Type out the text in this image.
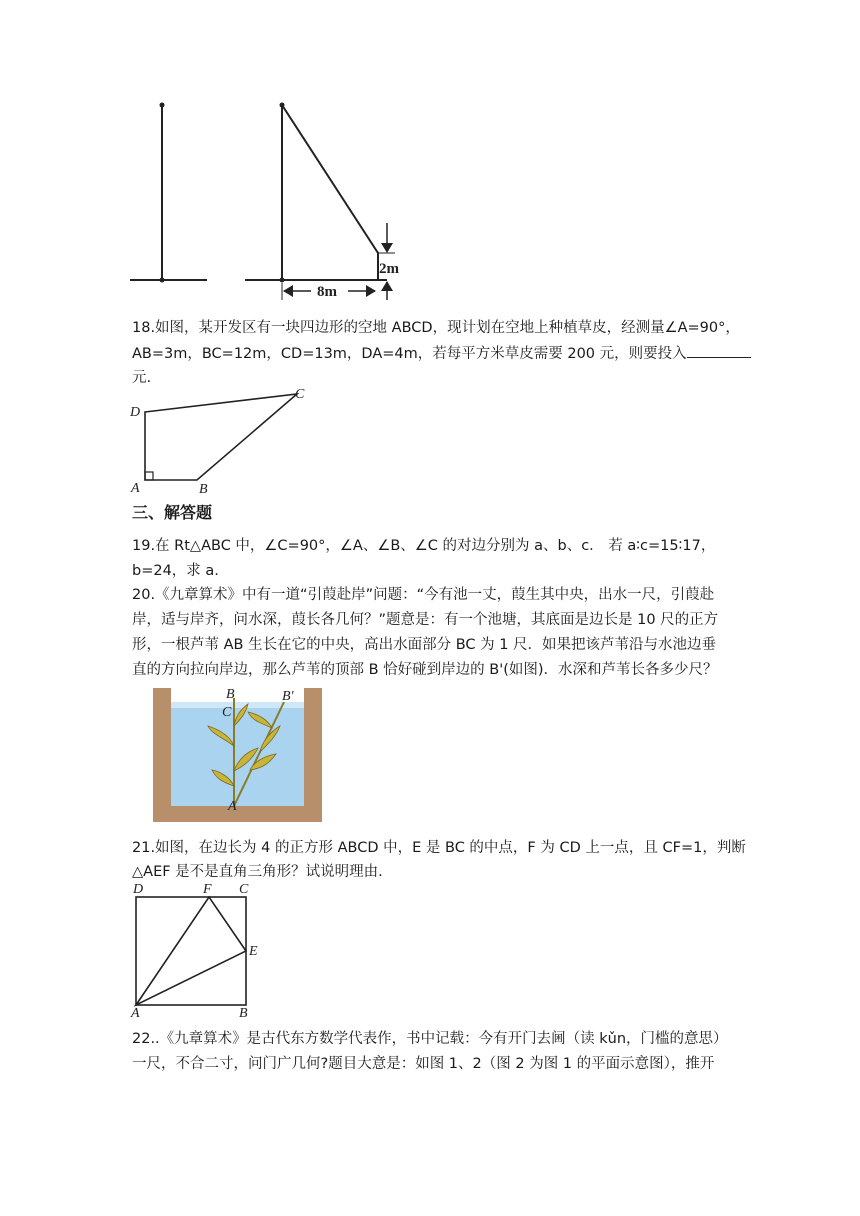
2m
8m
18.如图，某开发区有一块四边形的空地 ABCD，现计划在空地上种植草皮，经测量∠A=90°，
AB=3m，BC=12m，CD=13m，DA=4m，若每平方米草皮需要 200 元，则要投入
元.
D
C
A	B
三、解答题
19.在 Rt△ABC 中，∠C=90°，∠A、∠B、∠C 的对边分别为 a、b、c． 若 a∶c=15∶17，
b=24，求 a.
20.《九章算术》中有一道“引葭赴岸”问题：“今有池一丈，葭生其中央，出水一尺，引葭赴
岸，适与岸齐，问水深，葭长各几何？”题意是：有一个池塘，其底面是边长是 10 尺的正方
形，一根芦苇 AB 生长在它的中央，高出水面部分 BC 为 1 尺．如果把该芦苇沿与水池边垂
直的方向拉向岸边，那么芦苇的顶部 B 恰好碰到岸边的 B'(如图)．水深和芦苇长各多少尺？
B	B'
C
A
21.如图，在边长为 4 的正方形 ABCD 中，E 是 BC 的中点，F 为 CD 上一点，且 CF=1，判断
△AEF 是不是直角三角形？试说明理由.
D	F C
E
A	B
22..《九章算术》是古代东方数学代表作，书中记载：今有开门去阃（读 kǔn，门槛的意思）
一尺，不合二寸，问门广几何?题目大意是：如图 1、2（图 2 为图 1 的平面示意图），推开
